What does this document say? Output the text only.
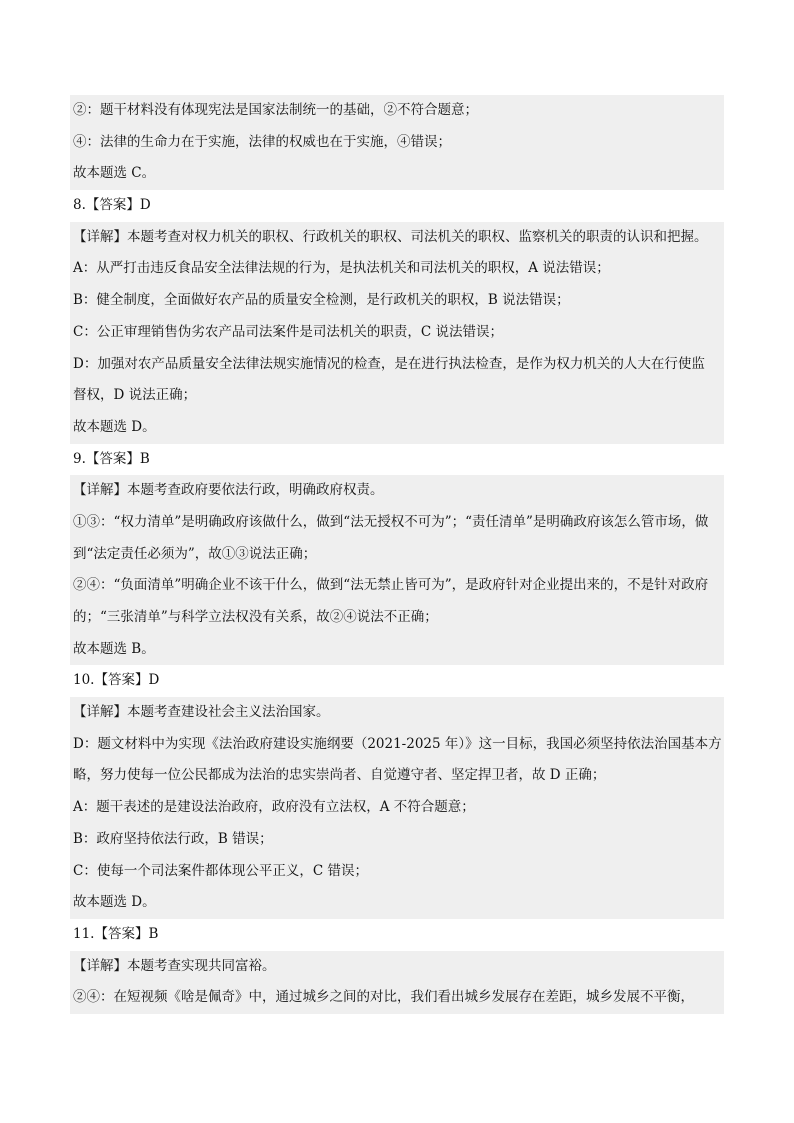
②：题干材料没有体现宪法是国家法制统一的基础，②不符合题意；
④：法律的生命力在于实施，法律的权威也在于实施，④错误；
故本题选 C。
8.【答案】D
【详解】本题考查对权力机关的职权、行政机关的职权、司法机关的职权、监察机关的职责的认识和把握。
A：从严打击违反食品安全法律法规的行为，是执法机关和司法机关的职权，A 说法错误；
B：健全制度，全面做好农产品的质量安全检测，是行政机关的职权，B 说法错误；
C：公正审理销售伪劣农产品司法案件是司法机关的职责，C 说法错误；
D：加强对农产品质量安全法律法规实施情况的检查，是在进行执法检查，是作为权力机关的人大在行使监
督权，D 说法正确；
故本题选 D。
9.【答案】B
【详解】本题考查政府要依法行政，明确政府权责。
①③：“权力清单”是明确政府该做什么，做到“法无授权不可为”；“责任清单”是明确政府该怎么管市场，做
到“法定责任必须为”，故①③说法正确；
②④：“负面清单”明确企业不该干什么，做到“法无禁止皆可为”，是政府针对企业提出来的，不是针对政府
的；“三张清单”与科学立法权没有关系，故②④说法不正确；
故本题选 B。
10.【答案】D
【详解】本题考查建设社会主义法治国家。
D：题文材料中为实现《法治政府建设实施纲要（2021-2025 年）》这一目标，我国必须坚持依法治国基本方
略，努力使每一位公民都成为法治的忠实崇尚者、自觉遵守者、坚定捍卫者，故 D 正确；
A：题干表述的是建设法治政府，政府没有立法权，A 不符合题意；
B：政府坚持依法行政，B 错误；
C：使每一个司法案件都体现公平正义，C 错误；
故本题选 D。
11.【答案】B
【详解】本题考查实现共同富裕。
②④：在短视频《啥是佩奇》中，通过城乡之间的对比，我们看出城乡发展存在差距，城乡发展不平衡，
